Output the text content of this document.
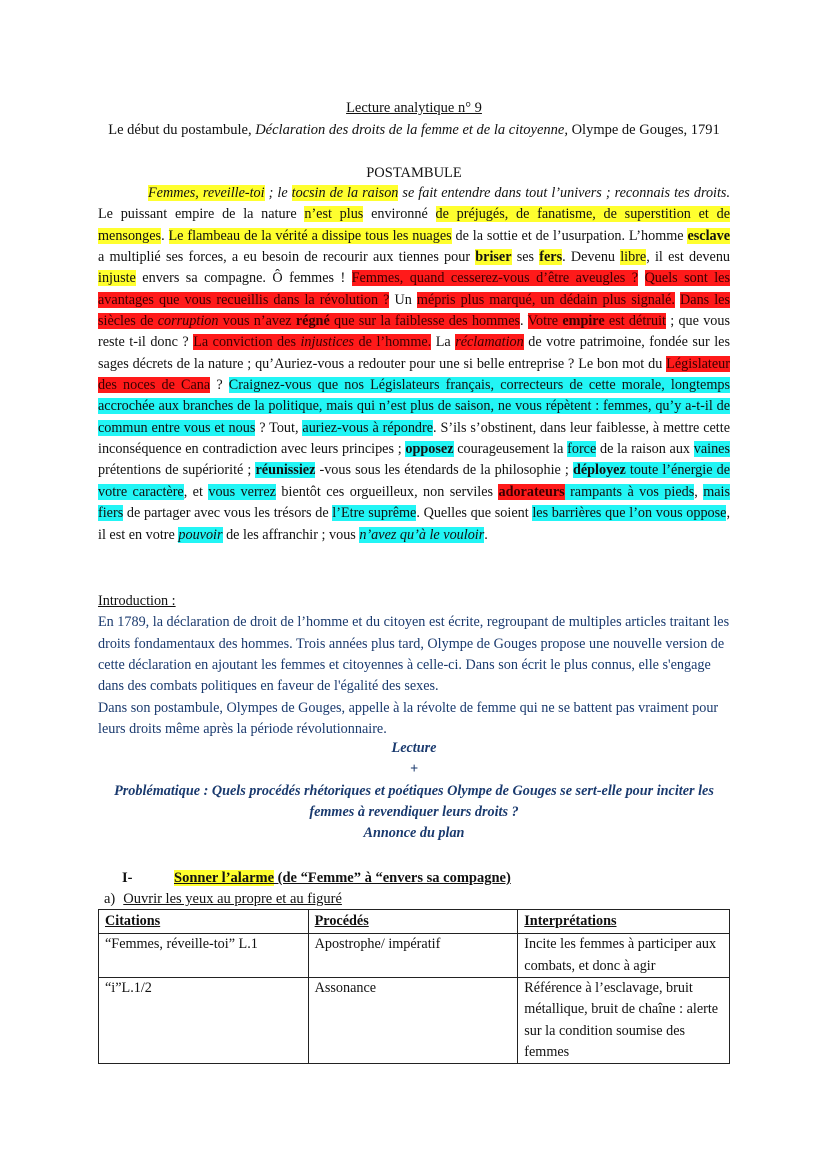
Lecture analytique n° 9
Le début du postambule, Déclaration des droits de la femme et de la citoyenne, Olympe de Gouges, 1791
POSTAMBULE

Femmes, reveille-toi ; le tocsin de la raison se fait entendre dans tout l’univers ; reconnais tes droits. Le puissant empire de la nature n’est plus environné de préjugés, de fanatisme, de superstition et de mensonges. Le flambeau de la vérité a dissipe tous les nuages de la sottie et de l’usurpation. L’homme esclave a multiplié ses forces, a eu besoin de recourir aux tiennes pour briser ses fers. Devenu libre, il est devenu injuste envers sa compagne. Ô femmes ! Femmes, quand cesserez-vous d’être aveugles ? Quels sont les avantages que vous recueillis dans la révolution ? Un mépris plus marqué, un dédain plus signalé. Dans les siècles de corruption vous n’avez régné que sur la faiblesse des hommes. Votre empire est détruit ; que vous reste t-il donc ? La conviction des injustices de l’homme. La réclamation de votre patrimoine, fondée sur les sages décrets de la nature ; qu’Auriez-vous a redouter pour une si belle entreprise ? Le bon mot du Législateur des noces de Cana ? Craignez-vous que nos Législateurs français, correcteurs de cette morale, longtemps accrochée aux branches de la politique, mais qui n’est plus de saison, ne vous répètent : femmes, qu’y a-t-il de commun entre vous et nous ? Tout, auriez-vous à répondre. S’ils s’obstinent, dans leur faiblesse, à mettre cette inconséquence en contradiction avec leurs principes ; opposez courageusement la force de la raison aux vaines prétentions de supériorité ; réunissiez -vous sous les étendards de la philosophie ; déployez toute l’énergie de votre caractère, et vous verrez bientôt ces orgueilleux, non serviles adorateurs rampants à vos pieds, mais fiers de partager avec vous les trésors de l’Etre suprême. Quelles que soient les barrières que l’on vous oppose, il est en votre pouvoir de les affranchir ; vous n’avez qu’à le vouloir.

Introduction :

En 1789, la déclaration de droit de l’homme et du citoyen est écrite, regroupant de multiples articles traitant les droits fondamentaux des hommes. Trois années plus tard, Olympe de Gouges propose une nouvelle version de cette déclaration en ajoutant les femmes et citoyennes à celle-ci. Dans son écrit le plus connus, elle s'engage dans des combats politiques en faveur de l'égalité des sexes.

Dans son postambule, Olympes de Gouges, appelle à la révolte de femme qui ne se battent pas vraiment pour leurs droits même après la période révolutionnaire.

Lecture

+

Problématique : Quels procédés rhétoriques et poétiques Olympe de Gouges se sert-elle pour inciter les

femmes à revendiquer leurs droits ?

Annonce du plan

I-	Sonner l’alarme (de “Femme” à “envers sa compagne)
a) Ouvrir les yeux au propre et au figuré
Citations	Procédés	Interprétations
“Femmes, réveille-toi” L.1	Apostrophe/ impératif	Incite les femmes à participer aux combats, et donc à agir
“i”L.1/2	Assonance	Référence à l’esclavage, bruit métallique, bruit de chaîne : alerte sur la condition soumise des femmes
